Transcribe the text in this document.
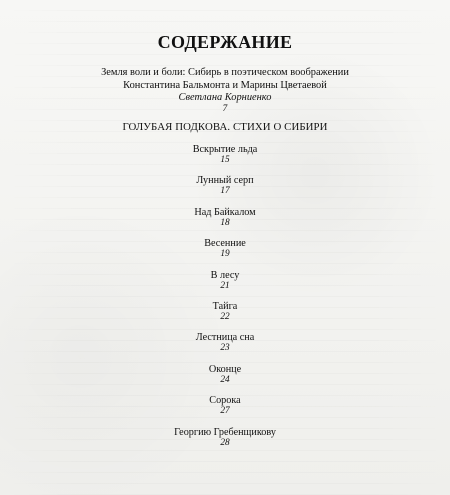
СОДЕРЖАНИЕ
Земля воли и боли: Сибирь в поэтическом воображении
Константина Бальмонта и Марины Цветаевой
Светлана Корниенко
7
ГОЛУБАЯ ПОДКОВА. СТИХИ О СИБИРИ
Вскрытие льда
15
Лунный серп
17
Над Байкалом
18
Весенние
19
В лесу
21
Тайга
22
Лестница сна
23
Оконце
24
Сорока
27
Георгию Гребенщикову
28
